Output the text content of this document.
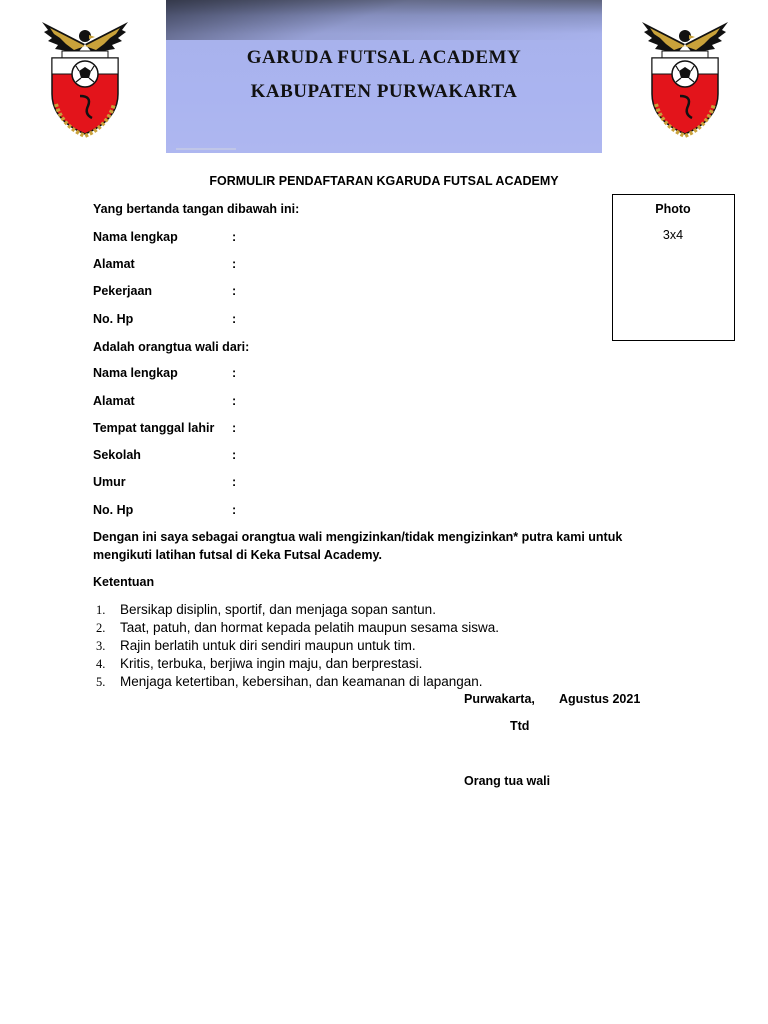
GARUDA FUTSAL ACADEMY
KABUPATEN PURWAKARTA
FORMULIR PENDAFTARAN KGARUDA FUTSAL ACADEMY
Photo
3x4
Yang bertanda tangan dibawah ini:
Nama lengkap	:
Alamat	:
Pekerjaan	:
No. Hp	:
Adalah orangtua wali dari:
Nama lengkap	:
Alamat	:
Tempat tanggal lahir :
Sekolah	:
Umur	:
No. Hp	:
Dengan ini saya sebagai orangtua wali mengizinkan/tidak mengizinkan* putra kami untuk
mengikuti latihan futsal di Keka Futsal Academy.
Ketentuan
1. Bersikap disiplin, sportif, dan menjaga sopan santun.
2. Taat, patuh, dan hormat kepada pelatih maupun sesama siswa.
3. Rajin berlatih untuk diri sendiri maupun untuk tim.
4. Kritis, terbuka, berjiwa ingin maju, dan berprestasi.
5. Menjaga ketertiban, kebersihan, dan keamanan di lapangan.
Purwakarta, Agustus 2021
Ttd
Orang tua wali
